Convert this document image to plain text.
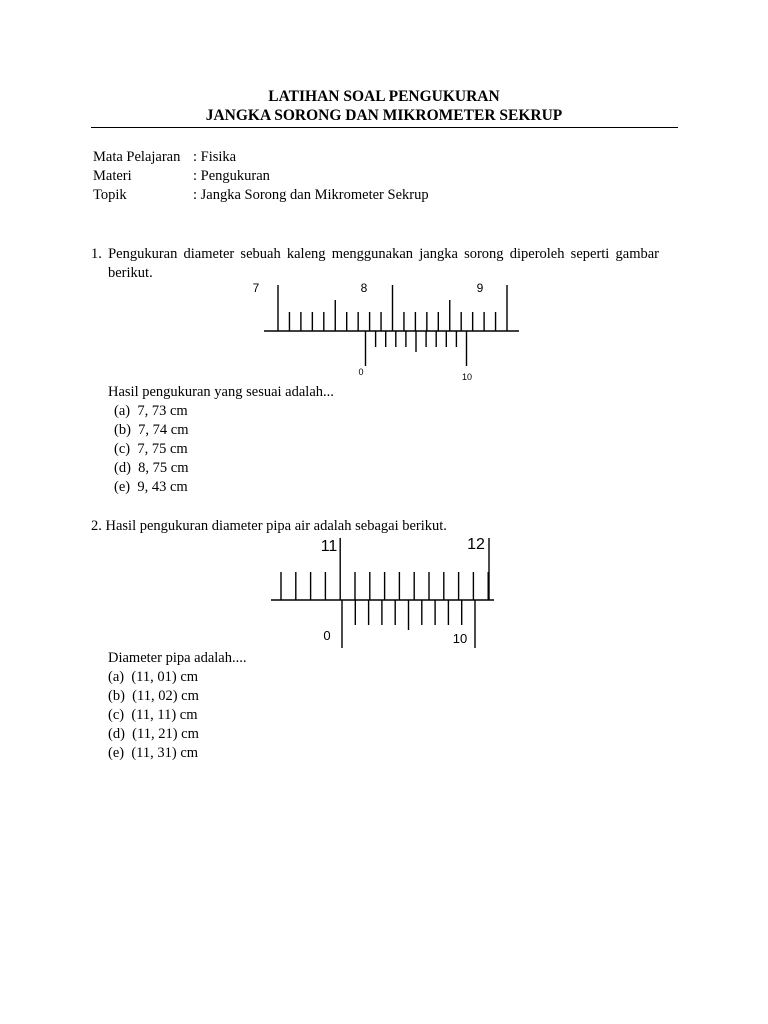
LATIHAN SOAL PENGUKURAN
JANGKA SORONG DAN MIKROMETER SEKRUP
Mata Pelajaran : Fisika
Materi	: Pengukuran
Topik	: Jangka Sorong dan Mikrometer Sekrup
1. Pengukuran diameter sebuah kaleng menggunakan jangka sorong diperoleh seperti gambar
berikut.
7	8	9
0	10
Hasil pengukuran yang sesuai adalah...
(a) 7, 73 cm
(b) 7, 74 cm
(c) 7, 75 cm
(d) 8, 75 cm
(e) 9, 43 cm
2. Hasil pengukuran diameter pipa air adalah sebagai berikut.
11	12
0	10
Diameter pipa adalah....
(a) (11, 01) cm
(b) (11, 02) cm
(c) (11, 11) cm
(d) (11, 21) cm
(e) (11, 31) cm
